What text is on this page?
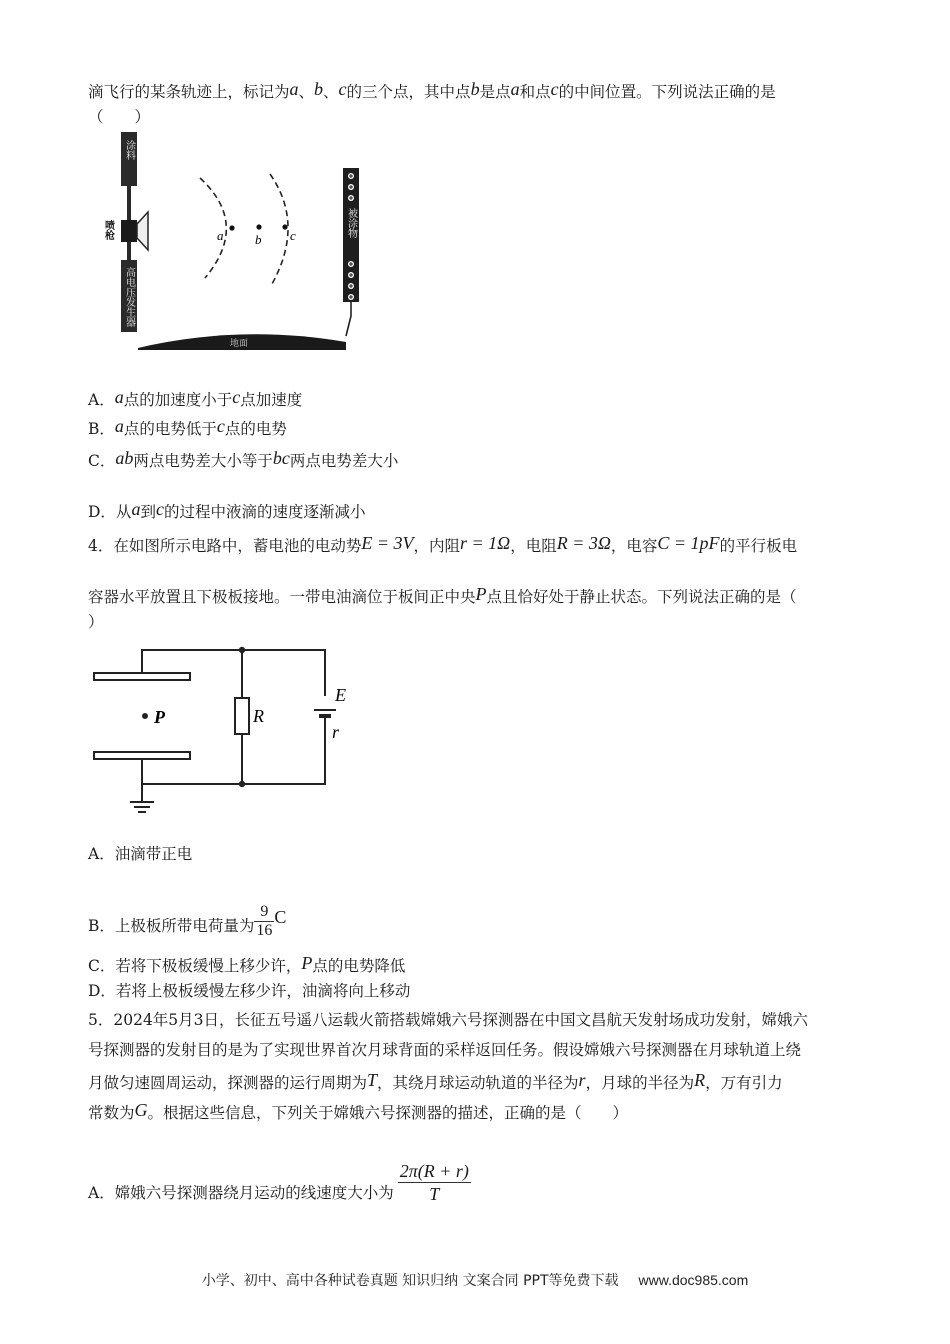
滴飞行的某条轨迹上，标记为a、b、c的三个点，其中点b是点a和点c的中间位置。下列说法正确的是
（　　）
涂料
喷枪
高电压发生器
a b c	被涂物
地面
A．a点的加速度小于c点加速度
B．a点的电势低于c点的电势
C．ab两点电势差大小等于bc两点电势差大小
D．从a到c的过程中液滴的速度逐渐减小
4．在如图所示电路中，蓄电池的电动势E = 3V，内阻r = 1Ω，电阻R = 3Ω，电容C = 1pF的平行板电
容器水平放置且下极板接地。一带电油滴位于板间正中央P点且恰好处于静止状态。下列说法正确的是（
）
P	R
E
r
A．油滴带正电
B．上极板所带电荷量为 $\frac{9}{16}$ C
C．若将下极板缓慢上移少许，P点的电势降低
D．若将上极板缓慢左移少许，油滴将向上移动
5．2024年5月3日，长征五号遥八运载火箭搭载嫦娥六号探测器在中国文昌航天发射场成功发射，嫦娥六
号探测器的发射目的是为了实现世界首次月球背面的采样返回任务。假设嫦娥六号探测器在月球轨道上绕
月做匀速圆周运动，探测器的运行周期为T，其绕月球运动轨道的半径为r，月球的半径为R，万有引力
常数为G。根据这些信息，下列关于嫦娥六号探测器的描述，正确的是（　　）
A．嫦娥六号探测器绕月运动的线速度大小为 $\frac{2\pi(R + r)}{T}$
小学、初中、高中各种试卷真题 知识归纳 文案合同 PPT等免费下载 www.doc985.com
